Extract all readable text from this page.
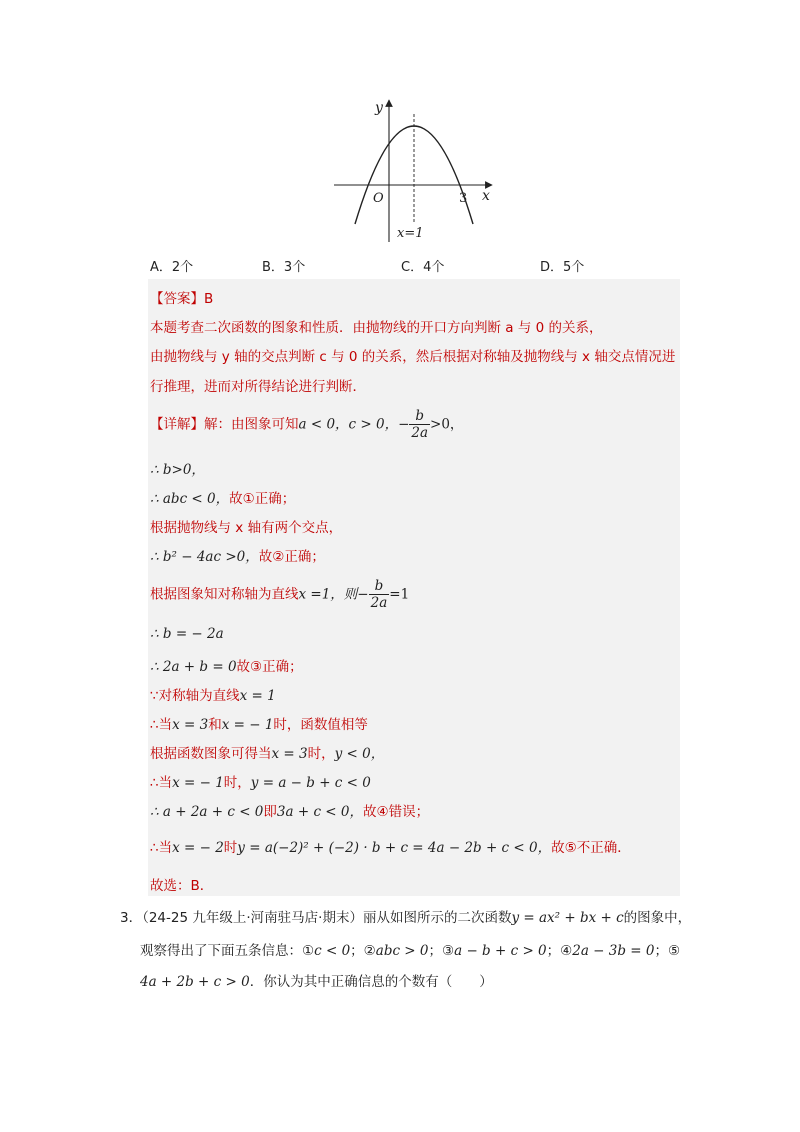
y
x
O	3
x=1
A．2个	B．3个	C．4个	D．5个
【答案】B
本题考查二次函数的图象和性质．由抛物线的开口方向判断 a 与 0 的关系，
由抛物线与 y 轴的交点判断 c 与 0 的关系，然后根据对称轴及抛物线与 x 轴交点情况进
行推理，进而对所得结论进行判断．
【详解】解：由图象可知a < 0，c > 0，− $\frac{b}{2a} >0$，
∴ b>0，
∴ abc < 0，故①正确；
根据抛物线与 x 轴有两个交点，
∴ b² − 4ac >0，故②正确；
根据图象知对称轴为直线x =1，则− $\frac{b}{2a} =1$
∴ b = − 2a
∴ 2a + b = 0故③正确；
∵对称轴为直线x = 1
∴当x = 3和x = − 1时，函数值相等
根据函数图象可得当x = 3时，y < 0，
∴当x = − 1时，y = a − b + c < 0
∴ a + 2a + c < 0即3a + c < 0，故④错误；
∴当x = − 2时y = a(−2)² + (−2) · b + c = 4a − 2b + c < 0，故⑤不正确．
故选：B．
3．（24-25 九年级上·河南驻马店·期末）丽从如图所示的二次函数y = ax² + bx + c的图象中，
观察得出了下面五条信息：①c < 0；②abc > 0；③a − b + c > 0；④2a − 3b = 0；⑤
4a + 2b + c > 0．你认为其中正确信息的个数有（　　）
